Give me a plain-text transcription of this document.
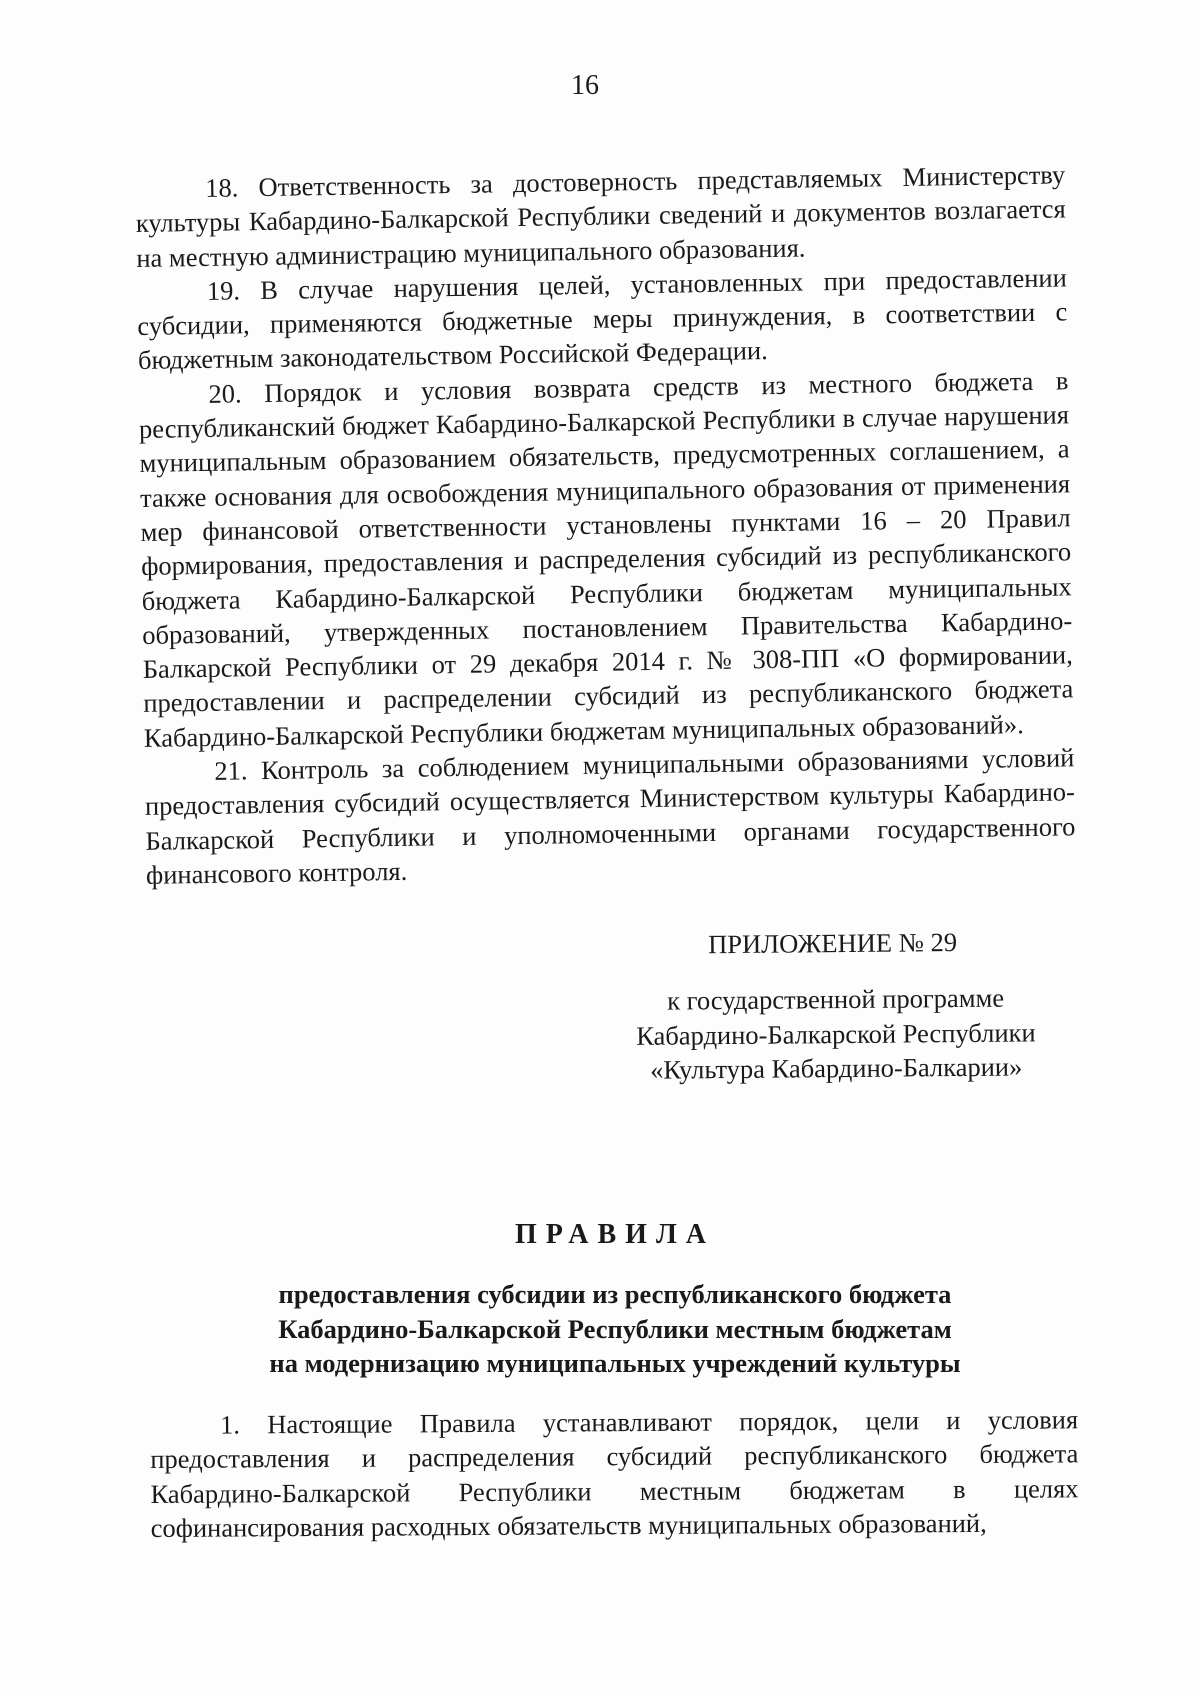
16

18. Ответственность за достоверность представляемых Министерству культуры Кабардино-Балкарской Республики сведений и документов возлагается на местную администрацию муниципального образования.

19. В случае нарушения целей, установленных при предоставлении субсидии, применяются бюджетные меры принуждения, в соответствии с бюджетным законодательством Российской Федерации.

20. Порядок и условия возврата средств из местного бюджета в республиканский бюджет Кабардино-Балкарской Республики в случае нарушения муниципальным образованием обязательств, предусмотренных соглашением, а также основания для освобождения муниципального образования от применения мер финансовой ответственности установлены пунктами 16 – 20 Правил формирования, предоставления и распределения субсидий из республиканского бюджета Кабардино-Балкарской Республики бюджетам муниципальных образований, утвержденных постановлением Правительства Кабардино-Балкарской Республики от 29 декабря 2014 г. № 308-ПП «О формировании, предоставлении и распределении субсидий из республиканского бюджета Кабардино-Балкарской Республики бюджетам муниципальных образований».

21. Контроль за соблюдением муниципальными образованиями условий предоставления субсидий осуществляется Министерством культуры Кабардино-Балкарской Республики и уполномоченными органами государственного финансового контроля.

ПРИЛОЖЕНИЕ № 29

к государственной программе

Кабардино-Балкарской Республики

«Культура Кабардино-Балкарии»

ПРАВИЛА

предоставления субсидии из республиканского бюджета

Кабардино-Балкарской Республики местным бюджетам

на модернизацию муниципальных учреждений культуры

1. Настоящие Правила устанавливают порядок, цели и условия предоставления и распределения субсидий республиканского бюджета Кабардино-Балкарской Республики местным бюджетам в целях софинансирования расходных обязательств муниципальных образований,
